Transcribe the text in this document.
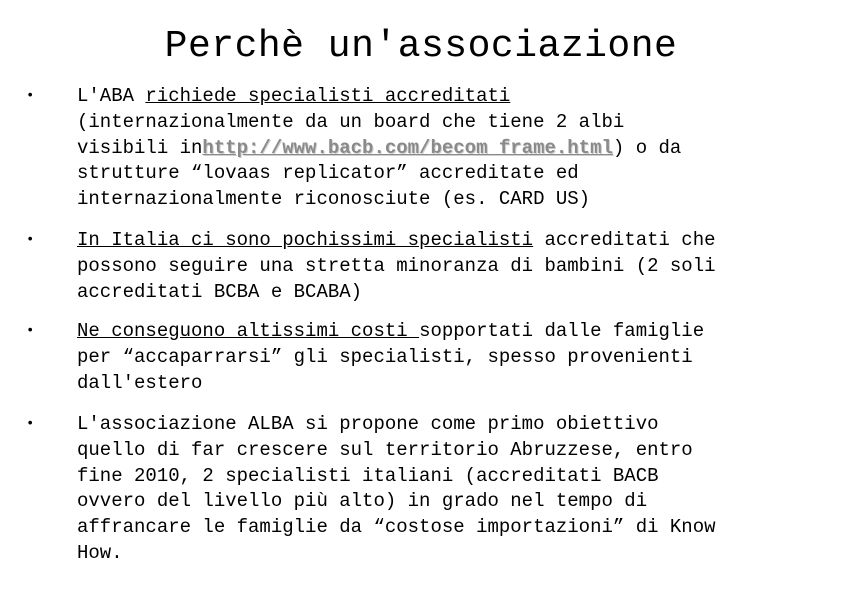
Perchè un'associazione
• L'ABA richiede specialisti accreditati
(internazionalmente da un board che tiene 2 albi
visibili inhttp://www.bacb.com/becom_frame.html) o da
strutture “lovaas replicator” accreditate ed
internazionalmente riconosciute (es. CARD US)
• In Italia ci sono pochissimi specialisti accreditati che
possono seguire una stretta minoranza di bambini (2 soli
accreditati BCBA e BCABA)
• Ne conseguono altissimi costi sopportati dalle famiglie
per “accaparrarsi” gli specialisti, spesso provenienti
dall'estero
• L'associazione ALBA si propone come primo obiettivo
quello di far crescere sul territorio Abruzzese, entro
fine 2010, 2 specialisti italiani (accreditati BACB
ovvero del livello più alto) in grado nel tempo di
affrancare le famiglie da “costose importazioni” di Know
How.
